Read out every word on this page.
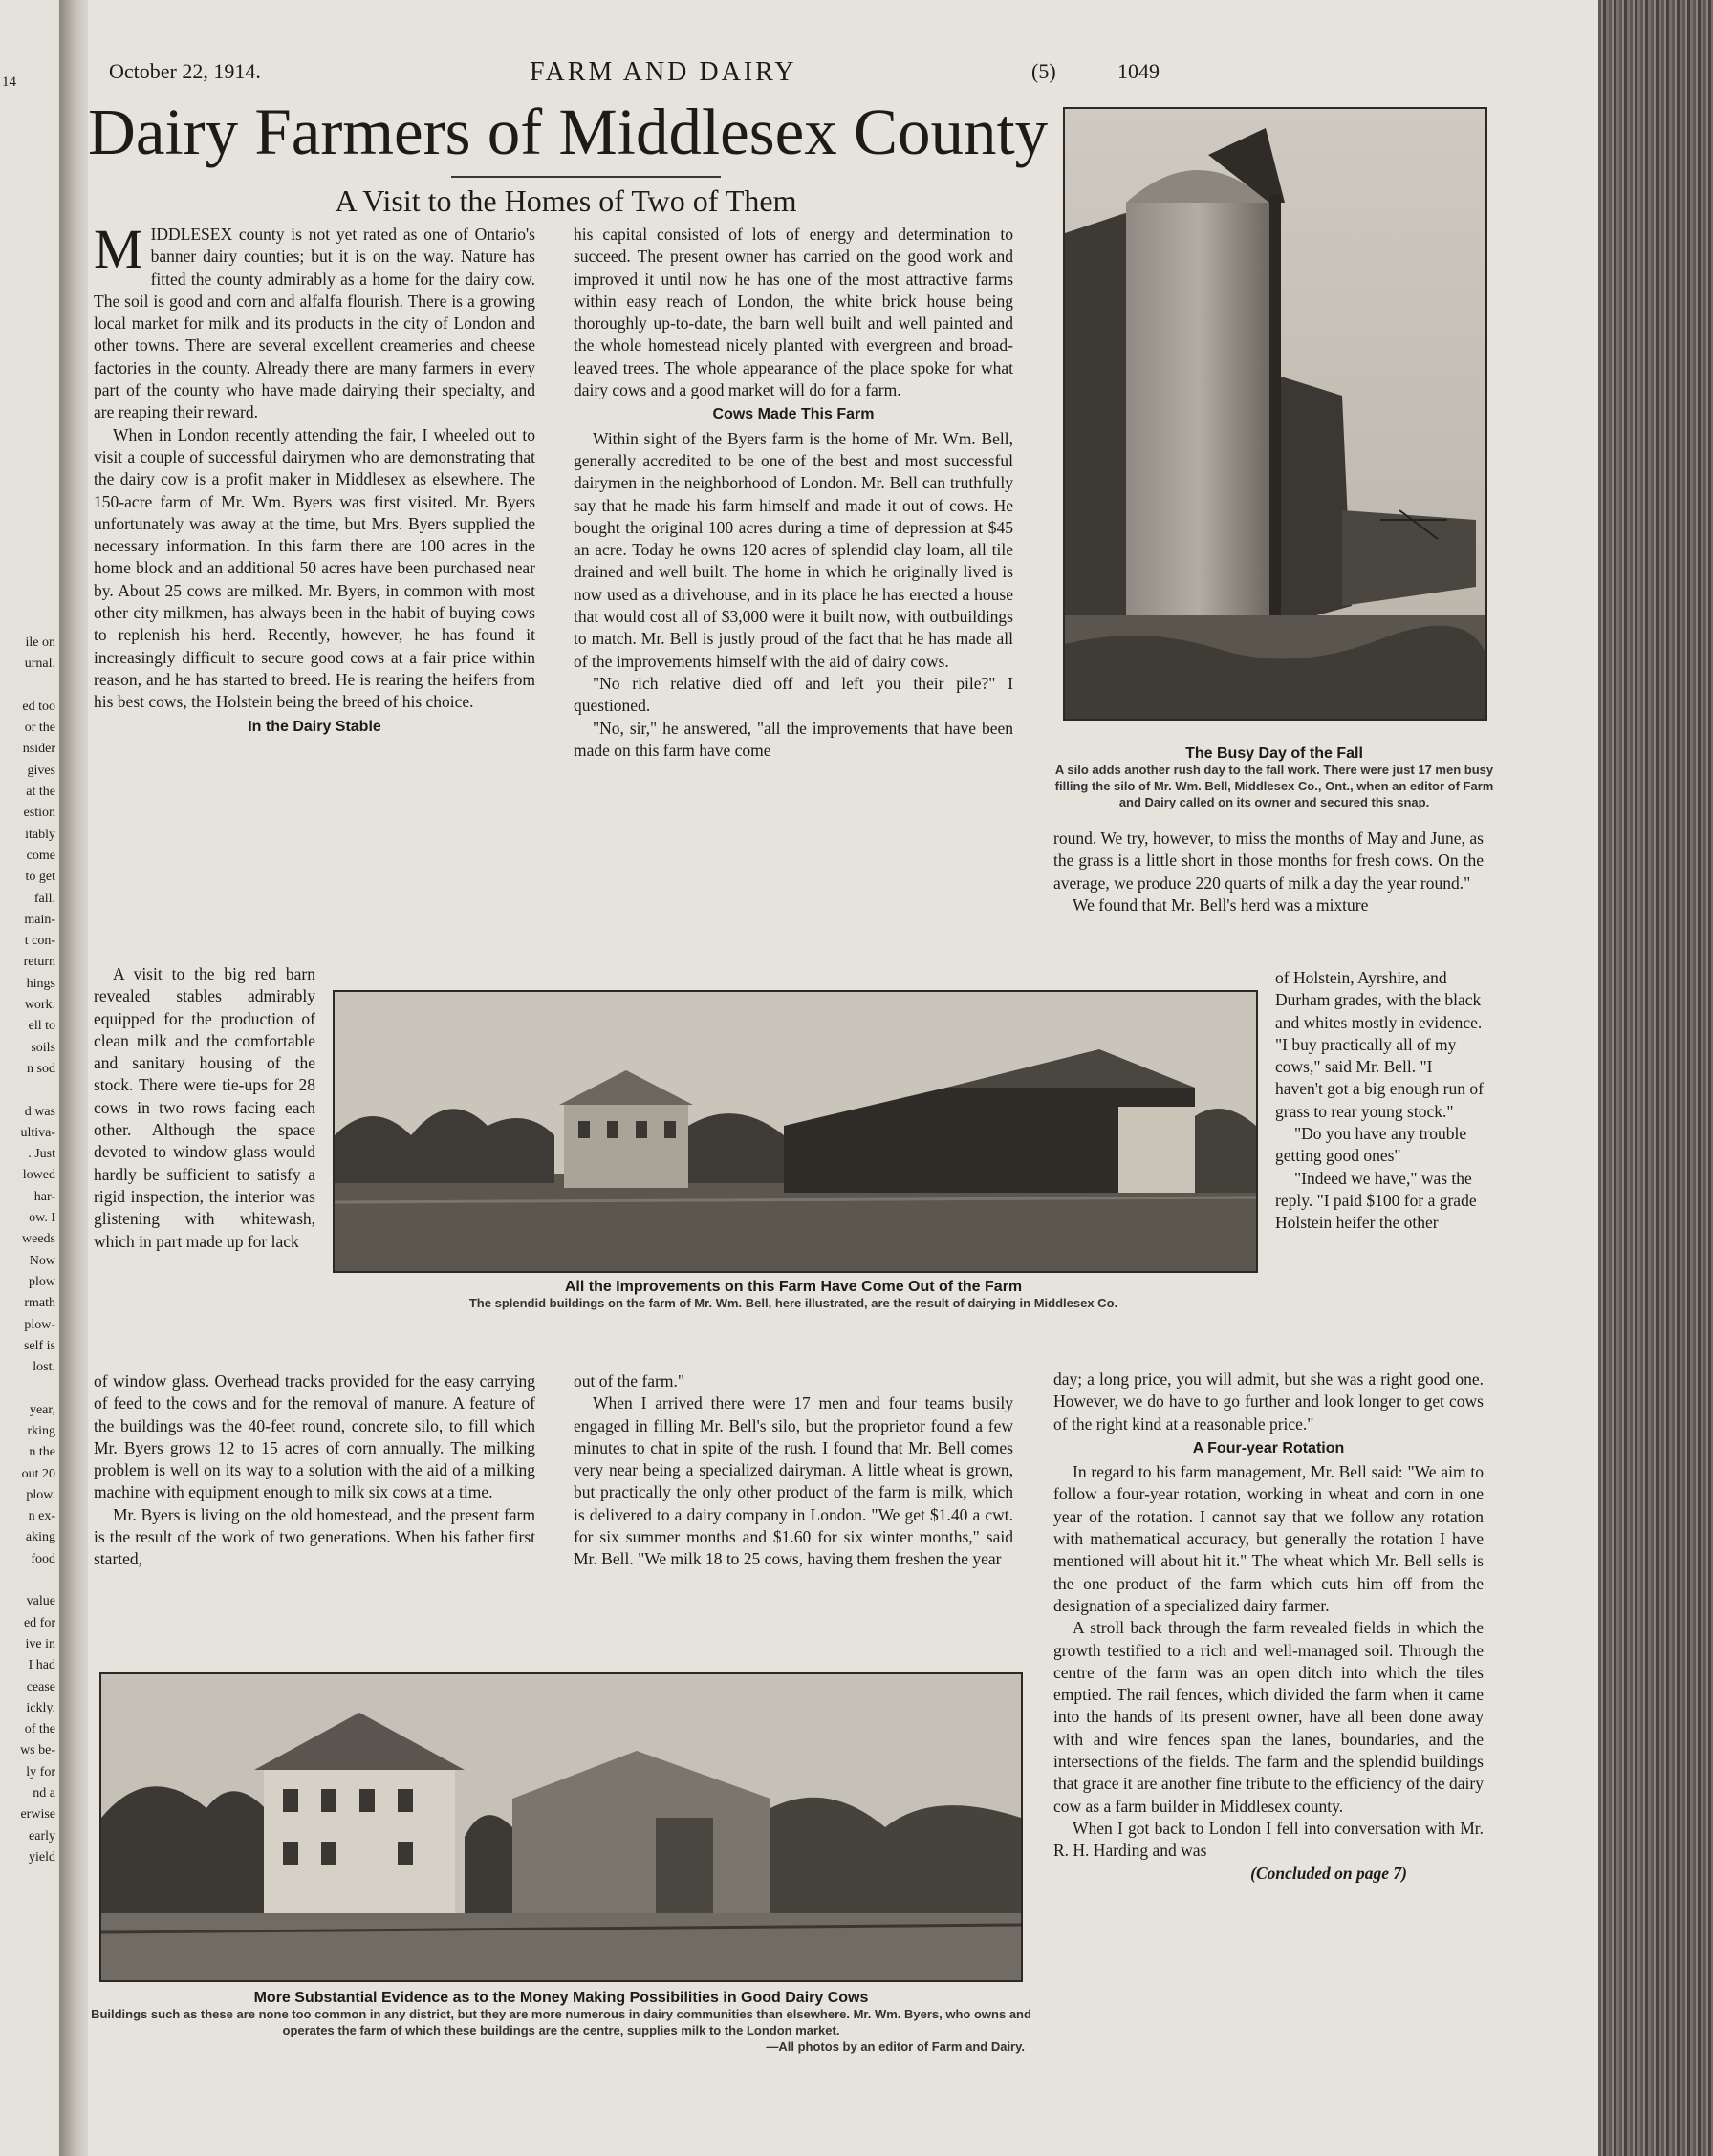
14
ile on
urnal.

ed too
or the
nsider
gives
at the
estion
itably
come
to get
fall.
main-
t con-
return
hings
work.
ell to
soils
n sod

d was
ultiva-
. Just
lowed
har-
ow. I
weeds
Now
plow
rmath
plow-
self is
lost.

year,
rking
n the
out 20
plow.
n ex-
aking
food

value
ed for
ive in
I had
cease
ickly.
of the
ws be-
ly for
nd a
erwise
early
yield
October 22, 1914.	FARM AND DAIRY	(5)	1049
Dairy Farmers of Middlesex County
A Visit to the Homes of Two of Them

MIDDLESEX county is not yet rated as one of Ontario's banner dairy counties; but it is on the way. Nature has fitted the county admirably as a home for the dairy cow. The soil is good and corn and alfalfa flourish. There is a growing local market for milk and its products in the city of London and other towns. There are several excellent creameries and cheese factories in the county. Already there are many farmers in every part of the county who have made dairying their specialty, and are reaping their reward.

When in London recently attending the fair, I wheeled out to visit a couple of successful dairymen who are demonstrating that the dairy cow is a profit maker in Middlesex as elsewhere. The 150-acre farm of Mr. Wm. Byers was first visited. Mr. Byers unfortunately was away at the time, but Mrs. Byers supplied the necessary information. In this farm there are 100 acres in the home block and an additional 50 acres have been purchased near by. About 25 cows are milked. Mr. Byers, in common with most other city milkmen, has always been in the habit of buying cows to replenish his herd. Recently, however, he has found it increasingly difficult to secure good cows at a fair price within reason, and he has started to breed. He is rearing the heifers from his best cows, the Holstein being the breed of his choice.

In the Dairy Stable

A visit to the big red barn revealed stables admirably equipped for the production of clean milk and the comfortable and sanitary housing of the stock. There were tie-ups for 28 cows in two rows facing each other. Although the space devoted to window glass would hardly be sufficient to satisfy a rigid inspection, the interior was glistening with whitewash, which in part made up for lack

of window glass. Overhead tracks provided for the easy carrying of feed to the cows and for the removal of manure. A feature of the buildings was the 40-feet round, concrete silo, to fill which Mr. Byers grows 12 to 15 acres of corn annually. The milking problem is well on its way to a solution with the aid of a milking machine with equipment enough to milk six cows at a time.

Mr. Byers is living on the old homestead, and the present farm is the result of the work of two generations. When his father first started,

his capital consisted of lots of energy and determination to succeed. The present owner has carried on the good work and improved it until now he has one of the most attractive farms within easy reach of London, the white brick house being thoroughly up-to-date, the barn well built and well painted and the whole homestead nicely planted with evergreen and broad-leaved trees. The whole appearance of the place spoke for what dairy cows and a good market will do for a farm.

Cows Made This Farm

Within sight of the Byers farm is the home of Mr. Wm. Bell, generally accredited to be one of the best and most successful dairymen in the neighborhood of London. Mr. Bell can truthfully say that he made his farm himself and made it out of cows. He bought the original 100 acres during a time of depression at $45 an acre. Today he owns 120 acres of splendid clay loam, all tile drained and well built. The home in which he originally lived is now used as a drivehouse, and in its place he has erected a house that would cost all of $3,000 were it built now, with outbuildings to match. Mr. Bell is justly proud of the fact that he has made all of the improvements himself with the aid of dairy cows.

"No rich relative died off and left you their pile?" I questioned.

"No, sir," he answered, "all the improvements that have been made on this farm have come

out of the farm."

When I arrived there were 17 men and four teams busily engaged in filling Mr. Bell's silo, but the proprietor found a few minutes to chat in spite of the rush. I found that Mr. Bell comes very near being a specialized dairyman. A little wheat is grown, but practically the only other product of the farm is milk, which is delivered to a dairy company in London. "We get $1.40 a cwt. for six summer months and $1.60 for six winter months," said Mr. Bell. "We milk 18 to 25 cows, having them freshen the year

round. We try, however, to miss the months of May and June, as the grass is a little short in those months for fresh cows. On the average, we produce 220 quarts of milk a day the year round."

We found that Mr. Bell's herd was a mixture

of Holstein, Ayrshire, and Durham grades, with the black and whites mostly in evidence. "I buy practically all of my cows," said Mr. Bell. "I haven't got a big enough run of grass to rear young stock."

"Do you have any trouble getting good ones"

"Indeed we have," was the reply. "I paid $100 for a grade Holstein heifer the other

day; a long price, you will admit, but she was a right good one. However, we do have to go further and look longer to get cows of the right kind at a reasonable price."

A Four-year Rotation

In regard to his farm management, Mr. Bell said: "We aim to follow a four-year rotation, working in wheat and corn in one year of the rotation. I cannot say that we follow any rotation with mathematical accuracy, but generally the rotation I have mentioned will about hit it." The wheat which Mr. Bell sells is the one product of the farm which cuts him off from the designation of a specialized dairy farmer.

A stroll back through the farm revealed fields in which the growth testified to a rich and well-managed soil. Through the centre of the farm was an open ditch into which the tiles emptied. The rail fences, which divided the farm when it came into the hands of its present owner, have all been done away with and wire fences span the lanes, boundaries, and the intersections of the fields. The farm and the splendid buildings that grace it are another fine tribute to the efficiency of the dairy cow as a farm builder in Middlesex county.

When I got back to London I fell into conversation with Mr. R. H. Harding and was

(Concluded on page 7)
The Busy Day of the Fall
A silo adds another rush day to the fall work. There were just 17 men busy filling the silo of Mr. Wm. Bell, Middlesex Co., Ont., when an editor of Farm and Dairy called on its owner and secured this snap.
All the Improvements on this Farm Have Come Out of the Farm
The splendid buildings on the farm of Mr. Wm. Bell, here illustrated, are the result of dairying in Middlesex Co.
More Substantial Evidence as to the Money Making Possibilities in Good Dairy Cows
Buildings such as these are none too common in any district, but they are more numerous in dairy communities than elsewhere. Mr. Wm. Byers, who owns and operates the farm of which these buildings are the centre, supplies milk to the London market.
—All photos by an editor of Farm and Dairy.
